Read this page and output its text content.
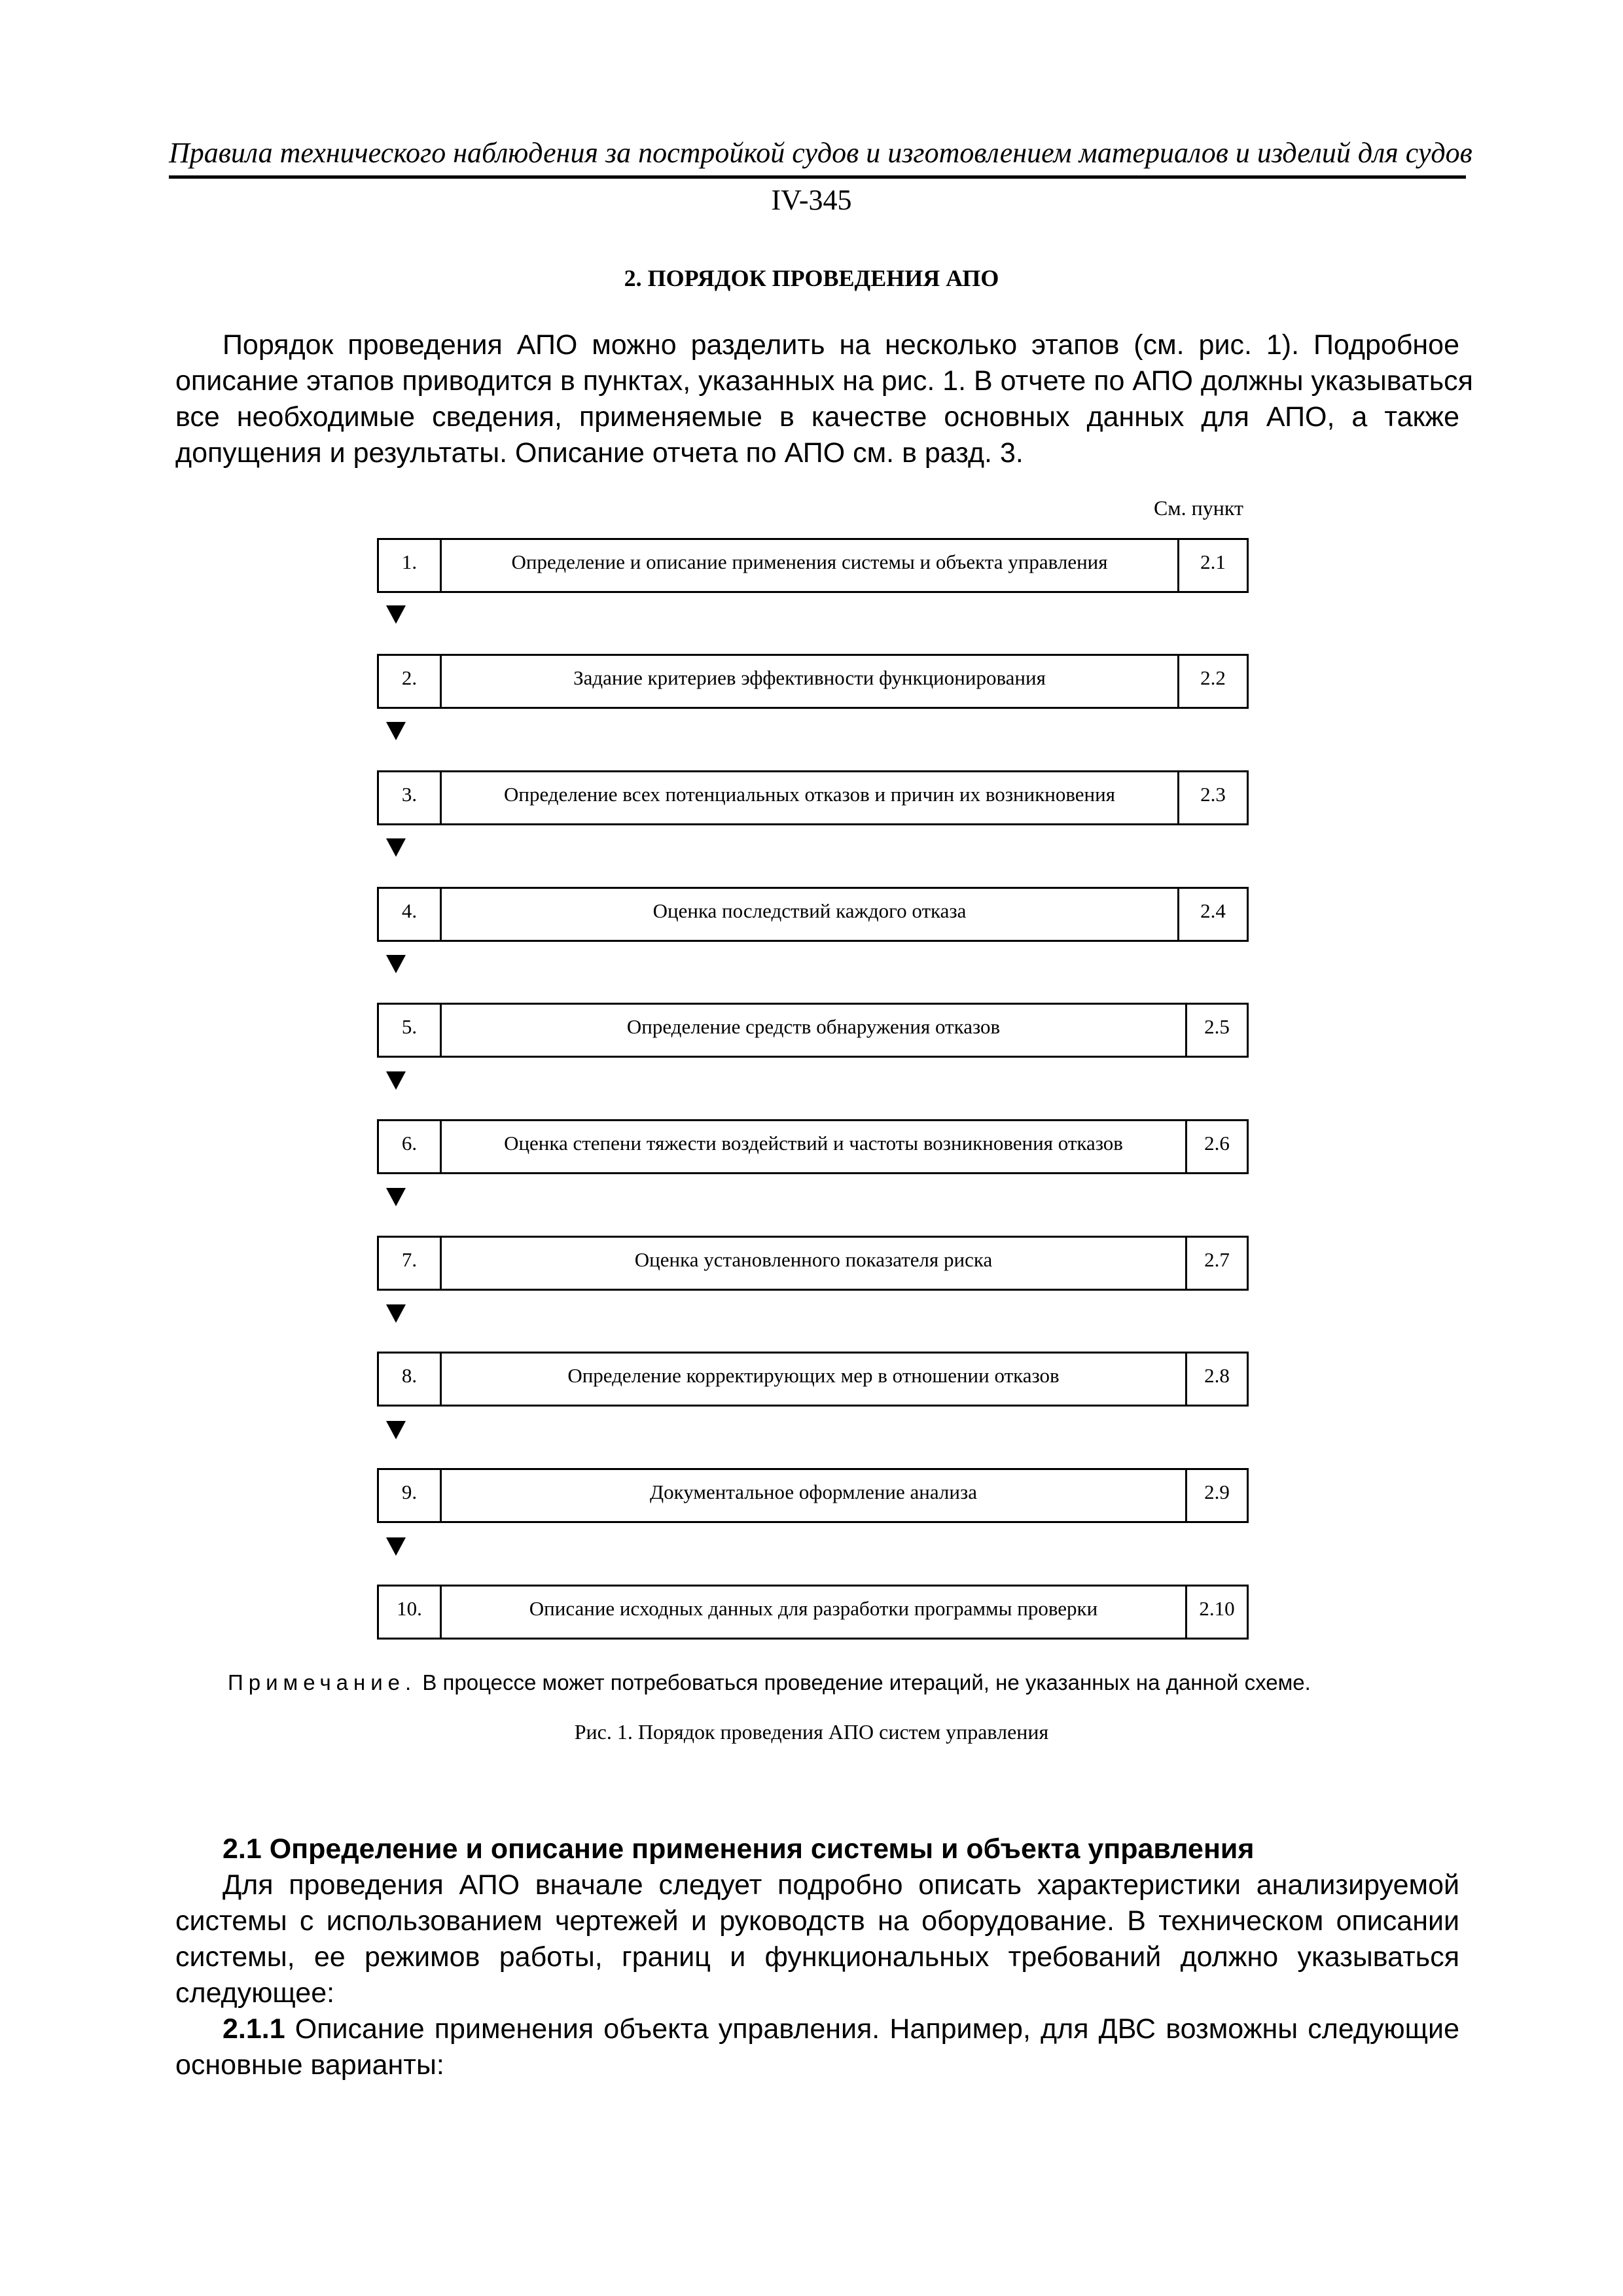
Правила технического наблюдения за постройкой судов и изготовлением материалов и изделий для судов
IV-345
2. ПОРЯДОК ПРОВЕДЕНИЯ АПО
Порядок проведения АПО можно разделить на несколько этапов (см. рис. 1). Подробное
описание этапов приводится в пунктах, указанных на рис. 1. В отчете по АПО должны указываться
все необходимые сведения, применяемые в качестве основных данных для АПО, а также
допущения и результаты. Описание отчета по АПО см. в разд. 3.
См. пункт
1.	Определение и описание применения системы и объекта управления	2.1
2.	Задание критериев эффективности функционирования	2.2
3.	Определение всех потенциальных отказов и причин их возникновения	2.3
4.	Оценка последствий каждого отказа	2.4
5.	Определение средств обнаружения отказов	2.5
6.	Оценка степени тяжести воздействий и частоты возникновения отказов	2.6
7.	Оценка установленного показателя риска	2.7
8.	Определение корректирующих мер в отношении отказов	2.8
9.	Документальное оформление анализа	2.9
10.	Описание исходных данных для разработки программы проверки	2.10
Примечание. В процессе может потребоваться проведение итераций, не указанных на данной схеме.
Рис. 1. Порядок проведения АПО систем управления
2.1 Определение и описание применения системы и объекта управления
Для проведения АПО вначале следует подробно описать характеристики анализируемой
системы с использованием чертежей и руководств на оборудование. В техническом описании
системы, ее режимов работы, границ и функциональных требований должно указываться
следующее:
2.1.1 Описание применения объекта управления. Например, для ДВС возможны следующие
основные варианты:
